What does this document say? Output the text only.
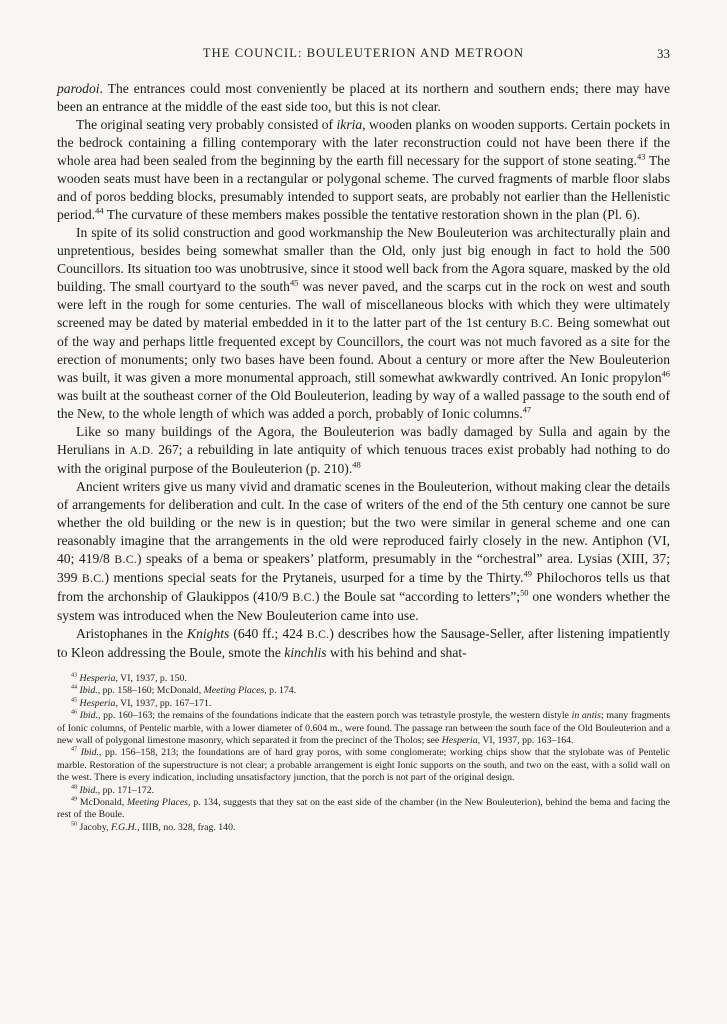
THE COUNCIL: BOULEUTERION AND METROON	33

parodoi. The entrances could most conveniently be placed at its northern and southern ends; there may have been an entrance at the middle of the east side too, but this is not clear.

The original seating very probably consisted of ikria, wooden planks on wooden supports. Certain pockets in the bedrock containing a filling contemporary with the later reconstruction could not have been there if the whole area had been sealed from the beginning by the earth fill necessary for the support of stone seating.$^{43}$ The wooden seats must have been in a rectangular or polygonal scheme. The curved fragments of marble floor slabs and of poros bedding blocks, presumably intended to support seats, are probably not earlier than the Hellenistic period.$^{44}$ The curvature of these members makes possible the tentative restoration shown in the plan (Pl. 6).

In spite of its solid construction and good workmanship the New Bouleuterion was architecturally plain and unpretentious, besides being somewhat smaller than the Old, only just big enough in fact to hold the 500 Councillors. Its situation too was unobtrusive, since it stood well back from the Agora square, masked by the old building. The small courtyard to the south$^{45}$ was never paved, and the scarps cut in the rock on west and south were left in the rough for some centuries. The wall of miscellaneous blocks with which they were ultimately screened may be dated by material embedded in it to the latter part of the 1st century B.C. Being somewhat out of the way and perhaps little frequented except by Councillors, the court was not much favored as a site for the erection of monuments; only two bases have been found. About a century or more after the New Bouleuterion was built, it was given a more monumental approach, still somewhat awkwardly contrived. An Ionic propylon$^{46}$ was built at the southeast corner of the Old Bouleuterion, leading by way of a walled passage to the south end of the New, to the whole length of which was added a porch, probably of Ionic columns.$^{47}$

Like so many buildings of the Agora, the Bouleuterion was badly damaged by Sulla and again by the Herulians in A.D. 267; a rebuilding in late antiquity of which tenuous traces exist probably had nothing to do with the original purpose of the Bouleuterion (p. 210).$^{48}$

Ancient writers give us many vivid and dramatic scenes in the Bouleuterion, without making clear the details of arrangements for deliberation and cult. In the case of writers of the end of the 5th century one cannot be sure whether the old building or the new is in question; but the two were similar in general scheme and one can reasonably imagine that the arrangements in the old were reproduced fairly closely in the new. Antiphon (VI, 40; 419/8 B.C.) speaks of a bema or speakers’ platform, presumably in the “orchestral” area. Lysias (XIII, 37; 399 B.C.) mentions special seats for the Prytaneis, usurped for a time by the Thirty.$^{49}$ Philochoros tells us that from the archonship of Glaukippos (410/9 B.C.) the Boule sat “according to letters”;$^{50}$ one wonders whether the system was introduced when the New Bouleuterion came into use.

Aristophanes in the Knights (640 ff.; 424 B.C.) describes how the Sausage-Seller, after listening impatiently to Kleon addressing the Boule, smote the kinchlis with his behind and shat-

$^{43}$ Hesperia, VI, 1937, p. 150.

$^{44}$ Ibid., pp. 158–160; McDonald, Meeting Places, p. 174.

$^{45}$ Hesperia, VI, 1937, pp. 167–171.

$^{46}$ Ibid., pp. 160–163; the remains of the foundations indicate that the eastern porch was tetrastyle prostyle, the western distyle in antis; many fragments of Ionic columns, of Pentelic marble, with a lower diameter of 0.604 m., were found. The passage ran between the south face of the Old Bouleuterion and a new wall of polygonal limestone masonry, which separated it from the precinct of the Tholos; see Hesperia, VI, 1937, pp. 163–164.

$^{47}$ Ibid., pp. 156–158, 213; the foundations are of hard gray poros, with some conglomerate; working chips show that the stylobate was of Pentelic marble. Restoration of the superstructure is not clear; a probable arrangement is eight Ionic supports on the south, and two on the east, with a solid wall on the west. There is every indication, including unsatisfactory junction, that the porch is not part of the original design.

$^{48}$ Ibid., pp. 171–172.

$^{49}$ McDonald, Meeting Places, p. 134, suggests that they sat on the east side of the chamber (in the New Bouleuterion), behind the bema and facing the rest of the Boule.

$^{50}$ Jacoby, F.G.H., IIIB, no. 328, frag. 140.
